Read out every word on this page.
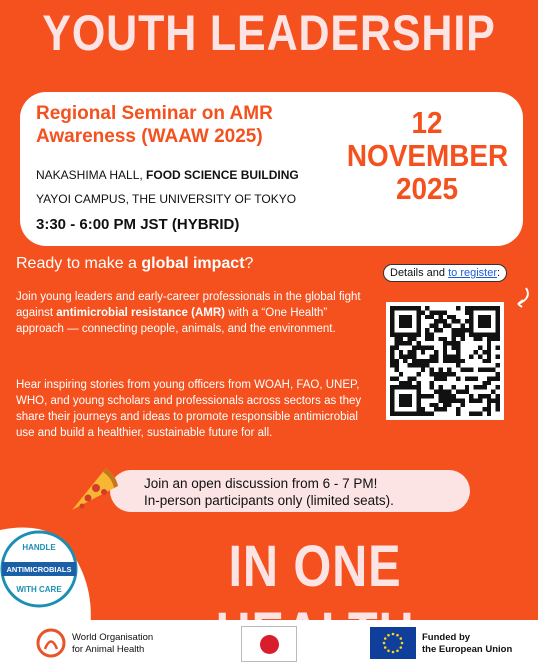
YOUTH LEADERSHIP
Regional Seminar on AMR Awareness (WAAW 2025)
NAKASHIMA HALL, FOOD SCIENCE BUILDING
YAYOI CAMPUS, THE UNIVERSITY OF TOKYO
3:30 - 6:00 PM JST (HYBRID)
12
NOVEMBER
2025
Ready to make a global impact?
Join young leaders and early-career professionals in the global fight against antimicrobial resistance (AMR) with a “One Health” approach — connecting people, animals, and the environment.
Hear inspiring stories from young officers from WOAH, FAO, UNEP, WHO, and young scholars and professionals across sectors as they share their journeys and ideas to promote responsible antimicrobial use and build a healthier, sustainable future for all.
Details and to register:
Join an open discussion from 6 - 7 PM!
In-person participants only (limited seats).
HANDLE
ANTIMICROBIALS
WITH CARE	IN ONE
World Organisation
for Animal Health
Funded by
the European Union
